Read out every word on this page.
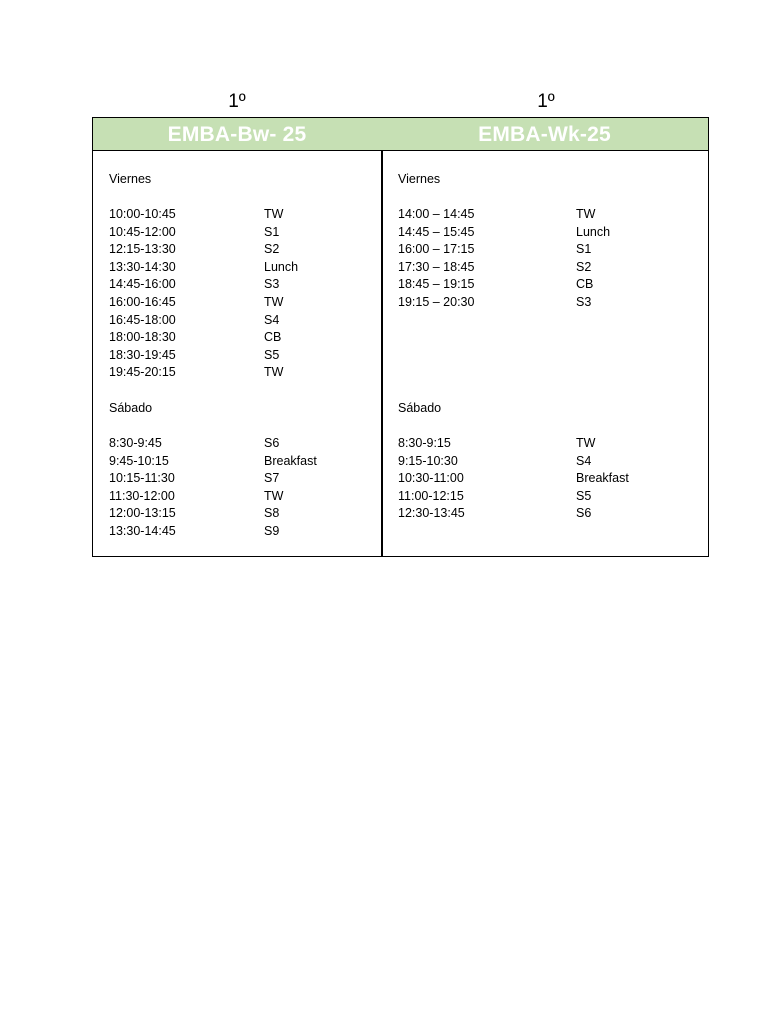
1º	1º
EMBA-Bw- 25	EMBA-Wk-25
Viernes
10:00-10:45	TW
10:45-12:00	S1
12:15-13:30	S2
13:30-14:30	Lunch
14:45-16:00	S3
16:00-16:45	TW
16:45-18:00	S4
18:00-18:30	CB
18:30-19:45	S5
19:45-20:15	TW
Sábado
8:30-9:45	S6
9:45-10:15	Breakfast
10:15-11:30	S7
11:30-12:00	TW
12:00-13:15	S8
13:30-14:45	S9
Viernes
14:00 – 14:45	TW
14:45 – 15:45	Lunch
16:00 – 17:15	S1
17:30 – 18:45	S2
18:45 – 19:15	CB
19:15 – 20:30	S3
Sábado
8:30-9:15	TW
9:15-10:30	S4
10:30-11:00	Breakfast
11:00-12:15	S5
12:30-13:45	S6
